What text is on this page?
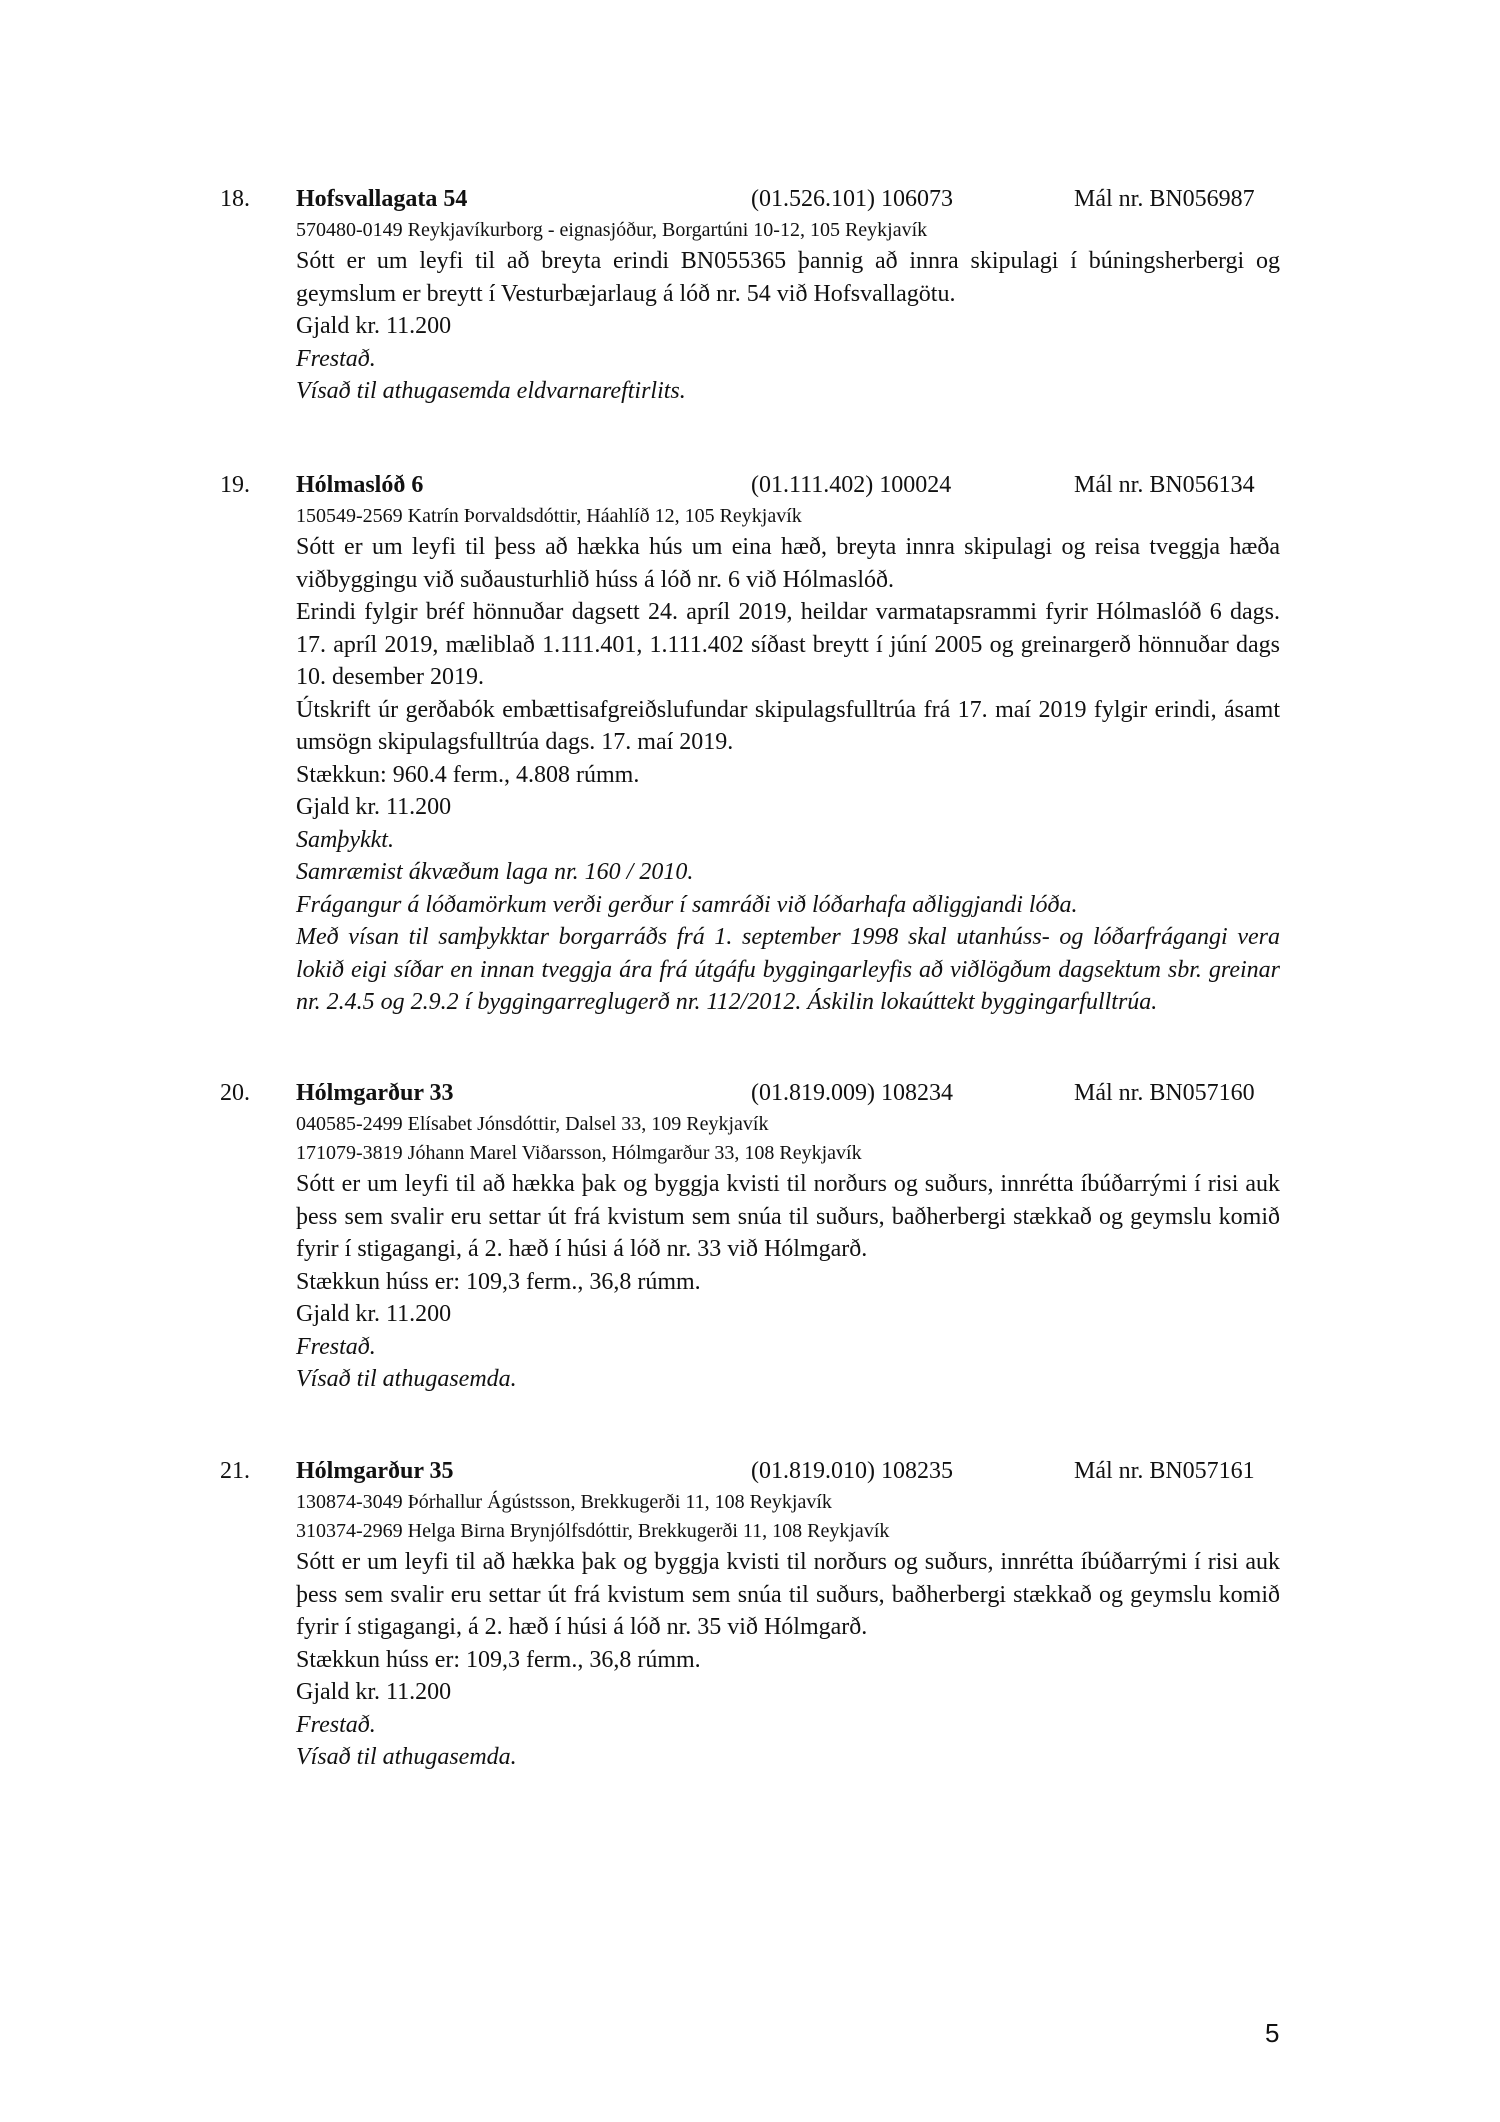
18. Hofsvallagata 54	(01.526.101) 106073	Mál nr. BN056987
570480-0149 Reykjavíkurborg - eignasjóður, Borgartúni 10-12, 105 Reykjavík
Sótt er um leyfi til að breyta erindi BN055365 þannig að innra skipulagi í búningsherbergi og geymslum er breytt í Vesturbæjarlaug á lóð nr. 54 við Hofsvallagötu.
Gjald kr. 11.200
Frestað.
Vísað til athugasemda eldvarnareftirlits.
19. Hólmaslóð 6	(01.111.402) 100024	Mál nr. BN056134
150549-2569 Katrín Þorvaldsdóttir, Háahlíð 12, 105 Reykjavík
Sótt er um leyfi til þess að hækka hús um eina hæð, breyta innra skipulagi og reisa tveggja hæða viðbyggingu við suðausturhlið húss á lóð nr. 6 við Hólmaslóð.
Erindi fylgir bréf hönnuðar dagsett 24. apríl 2019, heildar varmatapsrammi fyrir Hólmaslóð 6 dags. 17. apríl 2019, mæliblað 1.111.401, 1.111.402 síðast breytt í júní 2005 og greinargerð hönnuðar dags 10. desember 2019.
Útskrift úr gerðabók embættisafgreiðslufundar skipulagsfulltrúa frá 17. maí 2019 fylgir erindi, ásamt umsögn skipulagsfulltrúa dags. 17. maí 2019.
Stækkun: 960.4 ferm., 4.808 rúmm.
Gjald kr. 11.200
Samþykkt.
Samræmist ákvæðum laga nr. 160 / 2010.
Frágangur á lóðamörkum verði gerður í samráði við lóðarhafa aðliggjandi lóða.
Með vísan til samþykktar borgarráðs frá 1. september 1998 skal utanhúss- og lóðarfrágangi vera lokið eigi síðar en innan tveggja ára frá útgáfu byggingarleyfis að viðlögðum dagsektum sbr. greinar nr. 2.4.5 og 2.9.2 í byggingarreglugerð nr. 112/2012. Áskilin lokaúttekt byggingarfulltrúa.
20. Hólmgarður 33	(01.819.009) 108234	Mál nr. BN057160
040585-2499 Elísabet Jónsdóttir, Dalsel 33, 109 Reykjavík
171079-3819 Jóhann Marel Viðarsson, Hólmgarður 33, 108 Reykjavík
Sótt er um leyfi til að hækka þak og byggja kvisti til norðurs og suðurs, innrétta íbúðarrými í risi auk þess sem svalir eru settar út frá kvistum sem snúa til suðurs, baðherbergi stækkað og geymslu komið fyrir í stigagangi, á 2. hæð í húsi á lóð nr. 33 við Hólmgarð.
Stækkun húss er: 109,3 ferm., 36,8 rúmm.
Gjald kr. 11.200
Frestað.
Vísað til athugasemda.
21. Hólmgarður 35	(01.819.010) 108235	Mál nr. BN057161
130874-3049 Þórhallur Ágústsson, Brekkugerði 11, 108 Reykjavík
310374-2969 Helga Birna Brynjólfsdóttir, Brekkugerði 11, 108 Reykjavík
Sótt er um leyfi til að hækka þak og byggja kvisti til norðurs og suðurs, innrétta íbúðarrými í risi auk þess sem svalir eru settar út frá kvistum sem snúa til suðurs, baðherbergi stækkað og geymslu komið fyrir í stigagangi, á 2. hæð í húsi á lóð nr. 35 við Hólmgarð.
Stækkun húss er: 109,3 ferm., 36,8 rúmm.
Gjald kr. 11.200
Frestað.
Vísað til athugasemda.
5
